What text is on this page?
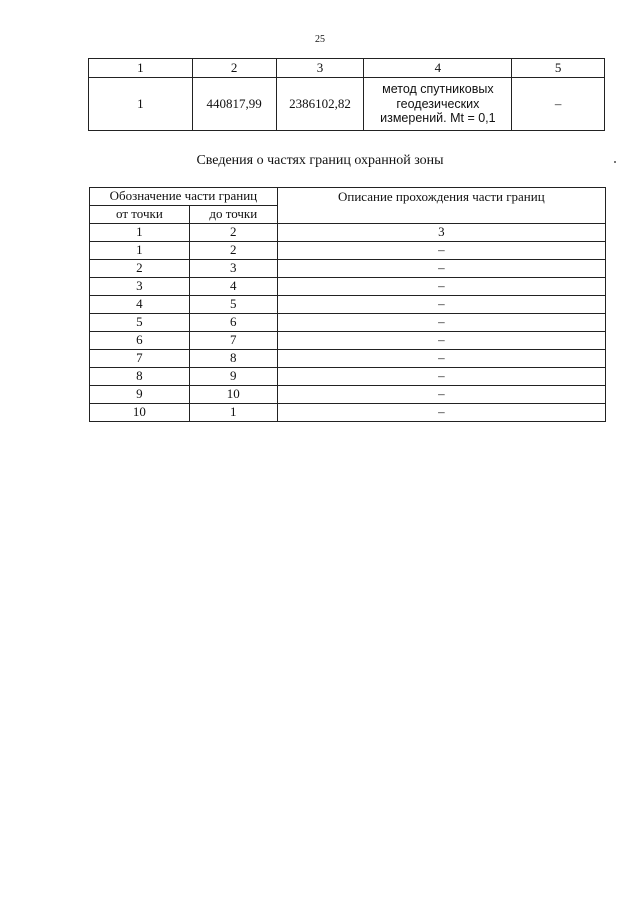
25
1	2	3	4	5
1	440817,99	2386102,82	метод спутниковых геодезических измерений. Mt = 0,1	–
Сведения о частях границ охранной зоны
Обозначение части границ		Описание прохождения части границ
от точки	до точки	
1	2	3
1	2	–
2	3	–
3	4	–
4	5	–
5	6	–
6	7	–
7	8	–
8	9	–
9	10	–
10	1	–
